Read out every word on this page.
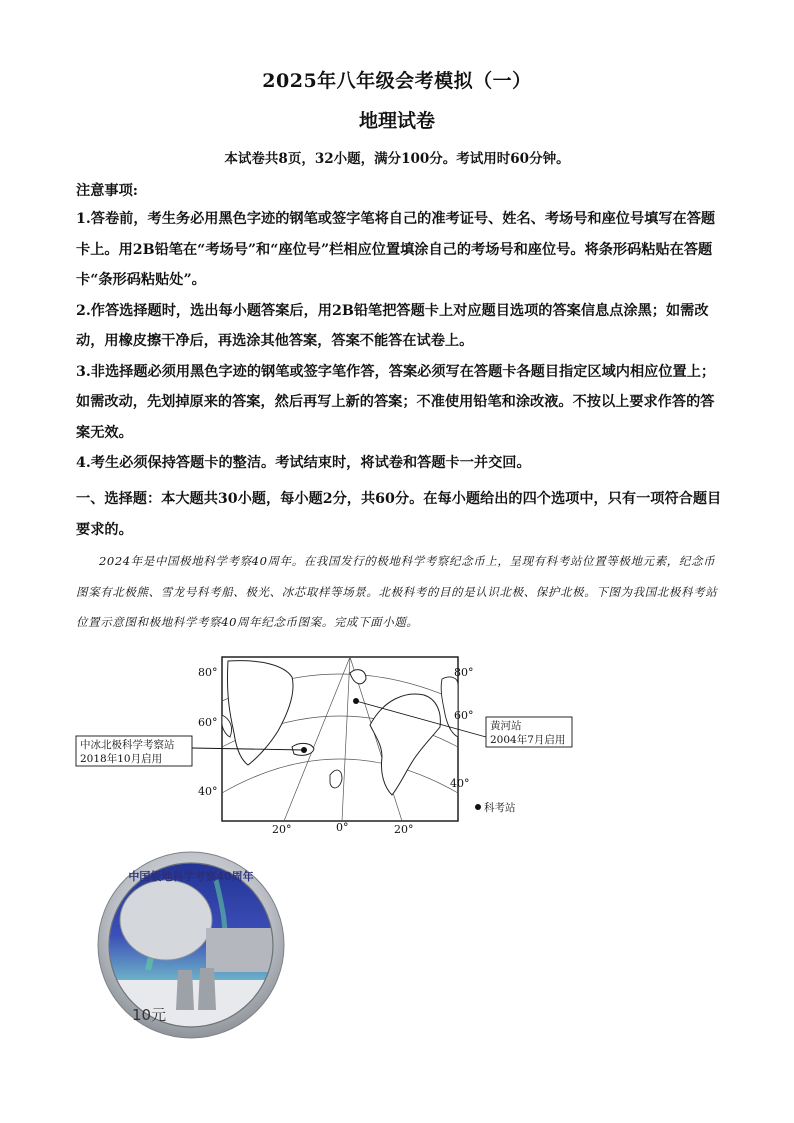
2025年八年级会考模拟（一）
地理试卷
本试卷共8页，32小题，满分100分。考试用时60分钟。
注意事项:

1.答卷前，考生务必用黑色字迹的钢笔或签字笔将自己的准考证号、姓名、考场号和座位号填写在答题卡上。用2B铅笔在“考场号”和“座位号”栏相应位置填涂自己的考场号和座位号。将条形码粘贴在答题卡“条形码粘贴处”。

2.作答选择题时，选出每小题答案后，用2B铅笔把答题卡上对应题目选项的答案信息点涂黑；如需改动，用橡皮擦干净后，再选涂其他答案，答案不能答在试卷上。

3.非选择题必须用黑色字迹的钢笔或签字笔作答，答案必须写在答题卡各题目指定区域内相应位置上；如需改动，先划掉原来的答案，然后再写上新的答案；不准使用铅笔和涂改液。不按以上要求作答的答案无效。

4.考生必须保持答题卡的整洁。考试结束时，将试卷和答题卡一并交回。

一、选择题：本大题共30小题，每小题2分，共60分。在每小题给出的四个选项中，只有一项符合题目要求的。

2024年是中国极地科学考察40周年。在我国发行的极地科学考察纪念币上，呈现有科考站位置等极地元素，纪念币图案有北极熊、雪龙号科考船、极光、冰芯取样等场景。北极科考的目的是认识北极、保护北极。下图为我国北极科考站位置示意图和极地科学考察40周年纪念币图案。完成下面小题。

中冰北极科学考察站
2018年10月启用
黄河站
2004年7月启用
80°
60°
40°
80°
60°
40°
20°	0°	20°
科考站
中国极地科学考察40周年
10元
